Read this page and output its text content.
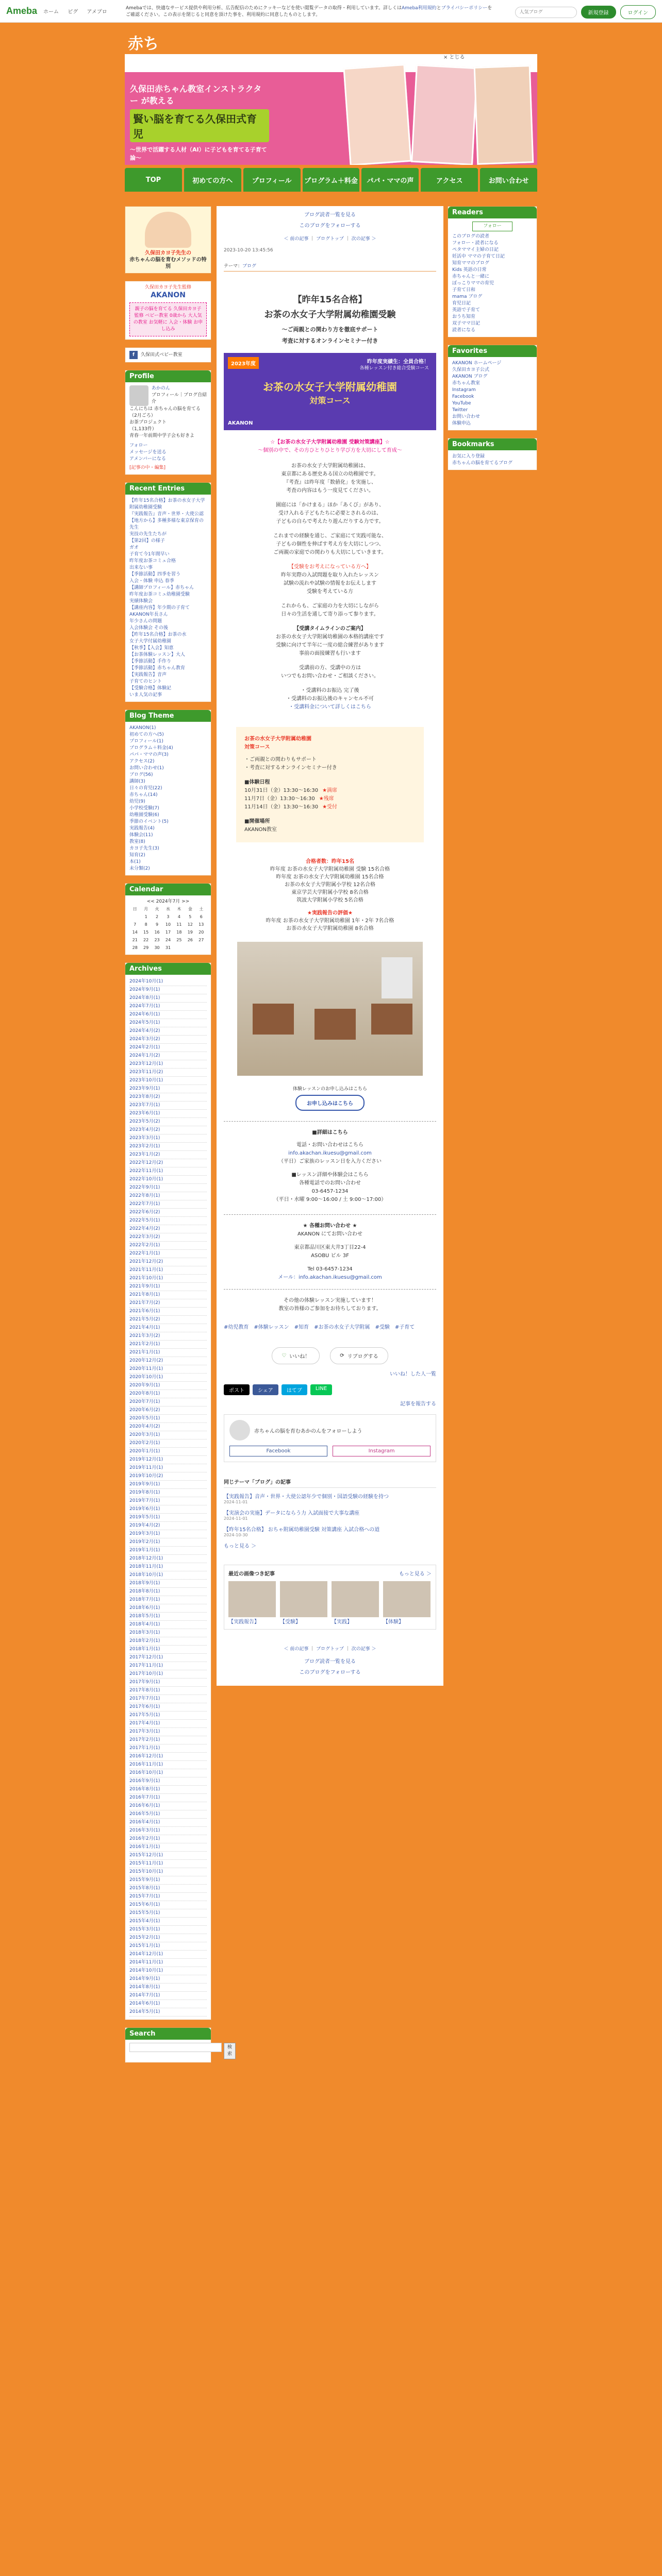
Ameba ホーム ピグ アメブロ
Amebaでは、快適なサービス提供や利用分析、広告配信のためにクッキーなどを使い閲覧データの取得・利用しています。詳しくはAmeba利用規約とプライバシーポリシーをご確認ください。この表示を閉じると同意を頂けた事を、利用規約に同意したものとします。
人気ブログ	新規登録	ログイン
赤ち
久保田赤ちゃん教室インストラクター が教える
賢い脳を育てる久保田式育児
～世界で活躍する人材（AI）に子どもを育てる子育て論～
× とじる
TOP	初めての方へ	プロフィール	プログラム＋料金	パパ・ママの声	アクセス	お問い合わせ
久保田カヨ子先生の
赤ちゃんの脳を育むメソッドの特別
久保田カヨ子先生監修
AKANON
親子の脳を育てる 久保田カヨ子監修 ベビー教室 0歳から 大人気の教室 お気軽に 入会・体験 お申し込み
f	久保田式ベビー教室
Profile
あかのん
プロフィール｜ブログ自紹介
こんにちは 赤ちゃんの脳を育てる
（2月ごろ）
お茶プロジェクト
（1,133件）
青春一年前期中学子会も好きよ
フォロー
メッセージを送る
アメンバーになる
[記事の中・編集]
Recent Entries
【昨年15名合格】お茶の水女子大学附属幼稚園受験
『実践報告』音声・世界・大使公認
【地方から】多種多様な東京保育の先生
実技の先生たちが
【第2回】の様子
ガオ
子育て今1年間早い
昨年度お茶コミュ合格
出来ない事
【季節活動】四季を習う
入会・体験 申込 春季
【講師プロフィール】赤ちゃん
昨年度お茶コミュ幼稚園受験
実績体験会
【講座内容】年少期の子育て
AKANON年長さん
年少さんの問題
入会体験会 その後
【昨年15名合格】お茶の水
女子大学付属幼稚園
【秋季】【入会】知恵
【お茶体験レッスン】大人
【季節活動】手作り
【季節活動】赤ちゃん教育
【実践報告】音声
子育てのヒント
【受験合格】体験記
いま人気の記事
Blog Theme
AKANON(1)
初めての方へ(5)
プロフィール(1)
プログラム＋料金(4)
パパ・ママの声(3)
アクセス(2)
お問い合わせ(1)
ブログ(56)
講師(3)
日々の育児(22)
赤ちゃん(14)
幼児(9)
小学校受験(7)
幼稚園受験(6)
季節のイベント(5)
実践報告(4)
体験会(11)
教室(8)
カヨ子先生(3)
知育(2)
本(1)
未分類(2)
Calendar
<< 2024年7月 >>
日	月	火	水	木	金	土
	1	2	3	4	5	6
7	8	9	10	11	12	13
14	15	16	17	18	19	20
21	22	23	24	25	26	27
28	29	30	31			
Archives
2024年10月(1)
2024年9月(1)
2024年8月(1)
2024年7月(1)
2024年6月(1)
2024年5月(1)
2024年4月(2)
2024年3月(2)
2024年2月(1)
2024年1月(2)
2023年12月(1)
2023年11月(2)
2023年10月(1)
2023年9月(1)
2023年8月(2)
2023年7月(1)
2023年6月(1)
2023年5月(2)
2023年4月(2)
2023年3月(1)
2023年2月(1)
2023年1月(2)
2022年12月(2)
2022年11月(1)
2022年10月(1)
2022年9月(1)
2022年8月(1)
2022年7月(1)
2022年6月(2)
2022年5月(1)
2022年4月(2)
2022年3月(2)
2022年2月(1)
2022年1月(1)
2021年12月(2)
2021年11月(1)
2021年10月(1)
2021年9月(1)
2021年8月(1)
2021年7月(2)
2021年6月(1)
2021年5月(2)
2021年4月(1)
2021年3月(2)
2021年2月(1)
2021年1月(1)
2020年12月(2)
2020年11月(1)
2020年10月(1)
2020年9月(1)
2020年8月(1)
2020年7月(1)
2020年6月(2)
2020年5月(1)
2020年4月(2)
2020年3月(1)
2020年2月(1)
2020年1月(1)
2019年12月(1)
2019年11月(1)
2019年10月(2)
2019年9月(1)
2019年8月(1)
2019年7月(1)
2019年6月(1)
2019年5月(1)
2019年4月(2)
2019年3月(1)
2019年2月(1)
2019年1月(1)
2018年12月(1)
2018年11月(1)
2018年10月(1)
2018年9月(1)
2018年8月(1)
2018年7月(1)
2018年6月(1)
2018年5月(1)
2018年4月(1)
2018年3月(1)
2018年2月(1)
2018年1月(1)
2017年12月(1)
2017年11月(1)
2017年10月(1)
2017年9月(1)
2017年8月(1)
2017年7月(1)
2017年6月(1)
2017年5月(1)
2017年4月(1)
2017年3月(1)
2017年2月(1)
2017年1月(1)
2016年12月(1)
2016年11月(1)
2016年10月(1)
2016年9月(1)
2016年8月(1)
2016年7月(1)
2016年6月(1)
2016年5月(1)
2016年4月(1)
2016年3月(1)
2016年2月(1)
2016年1月(1)
2015年12月(1)
2015年11月(1)
2015年10月(1)
2015年9月(1)
2015年8月(1)
2015年7月(1)
2015年6月(1)
2015年5月(1)
2015年4月(1)
2015年3月(1)
2015年2月(1)
2015年1月(1)
2014年12月(1)
2014年11月(1)
2014年10月(1)
2014年9月(1)
2014年8月(1)
2014年7月(1)
2014年6月(1)
2014年5月(1)
Search
検索
Readers
フォロー
このブログの読者
フォロー・読者になる
ペタママイ主婦の日記
妊活中 ママの子育て日記
知育ママのブログ
Kids 英語の日常
赤ちゃんと一緒に
ぽっこりママの育児
子育て日和
mama ブログ
育児日記
英語で子育て
おうち知育
双子ママ日記
読者になる
Favorites
AKANON ホームページ
久保田カヨ子公式
AKANON ブログ
赤ちゃん教室
Instagram
Facebook
YouTube
Twitter
お問い合わせ
体験申込
Bookmarks
お気に入り登録
赤ちゃんの脳を育てるブログ
ブログ読者一覧を見る
このブログをフォローする
＜ 前の記事 ｜ ブログトップ ｜ 次の記事 ＞
2023-10-20 13:45:56
テーマ：ブログ
【昨年15名合格】
お茶の水女子大学附属幼稚園受験
～ご両親との関わり方を徹底サポート
考査に対するオンラインセミナー付き
2023年度	昨年度実績生：全員合格！
各種レッスン付き総合受験コース
お茶の水女子大学附属幼稚園
対策コース
AKANON
☆【お茶の水女子大学附属幼稚園 受験対策講座】☆
～個別の中で、その方ひとりひとり学び方を大切にして育成～
お茶の水女子大学附属幼稚園は、
東京都にある歴史ある国立の幼稚園です。
『考査』は昨年度「数値化」を実施し、
考査の内容はもう一度見てください。
園庭には「かけまる」ほか「あくび」があり、
受け入れる子どもたちに必要とされるのは、
子どもの自らで考えたり遊んだりする力です。
これまでの経験を通じ、ご家庭にて実践可能な、
子どもの個性を伸ばす考え方を大切にしつつ、
ご両親の家庭での関わりも大切にしていきます。
【受験をお考えになっている方へ】
昨年実際の入試問題を取り入れたレッスン
試験の流れや試験の情報をお伝えします
受験を考えている方
これからも、ご家庭の力を大切にしながら
日々の生活を通して寄り添って参ります。
【受講タイムラインのご案内】
お茶の水女子大学附属幼稚園の本格的講座です
受験に向けて半年に一度の総合練習があります
事前の面接練習も行います
受講前の方、受講中の方は
いつでもお問い合わせ・ご相談ください。
・受講料のお振込 完了後
・受講料のお振込後のキャンセル不可
・受講料金について詳しくはこちら
お茶の水女子大学附属幼稚園
対策コース
・ご両親との関わりもサポート
・考査に対するオンラインセミナー付き
■体験日程
10月31日（金）13:30～16:30 ★満席
11月7日（金）13:30～16:30 ★残席
11月14日（金）13:30～16:30 ★受付
■開催場所
AKANON教室
合格者数：昨年15名
昨年度 お茶の水女子大学附属幼稚園 受験 15名合格
昨年度 お茶の水女子大学附属幼稚園 15名合格
お茶の水女子大学附属小学校 12名合格
東京学芸大学附属小学校 8名合格
筑波大学附属小学校 5名合格
★実践報告の評価★
昨年度 お茶の水女子大学附属幼稚園 1年・2年 7名合格
お茶の水女子大学附属幼稚園 8名合格
体験レッスンのお申し込みはこちら
お申し込みはこちら
■詳細はこちら
電話・お問い合わせはこちら
info.akachan.ikuesu@gmail.com
（平日）ご家族のレッスン日を入力ください
■レッスン詳細や体験会はこちら
各種電話でのお問い合わせ
03-6457-1234
（平日・水曜 9:00～16:00 / 土 9:00～17:00）
★ 各種お問い合わせ ★
AKANON にてお問い合わせ
東京都品川区東大井3丁目22-4
ASOBU ビル 3F
Tel 03-6457-1234
メール：info.akachan.ikuesu@gmail.com
その他の体験レッスン実施しています！
教室の皆様のご参加をお待ちしております。
#幼児教育 #体験レッスン #知育 #お茶の水女子大学附属 #受験 #子育て
♡ いいね！	⟳ リブログする
いいね！した人一覧
ポスト	シェア	はてブ	LINE
記事を報告する
赤ちゃんの脳を育むあかのんをフォローしよう
Facebook	Instagram
同じテーマ「ブログ」の記事
【実践報告】音声・世界・大使公認年少で個別・国語受験の経験を持つ
2024-11-01
【実演会の実施】データにならう力 入試面接で大事な講座
2024-11-01
【昨年15名合格】 おちゃ附属幼稚園受験 対策講座 入試合格への道
2024-10-30
もっと見る ＞
最近の画像つき記事	もっと見る ＞
【実践報告】	【受験】	【実践】	【体験】
＜ 前の記事 ｜ ブログトップ ｜ 次の記事 ＞
ブログ読者一覧を見る
このブログをフォローする
